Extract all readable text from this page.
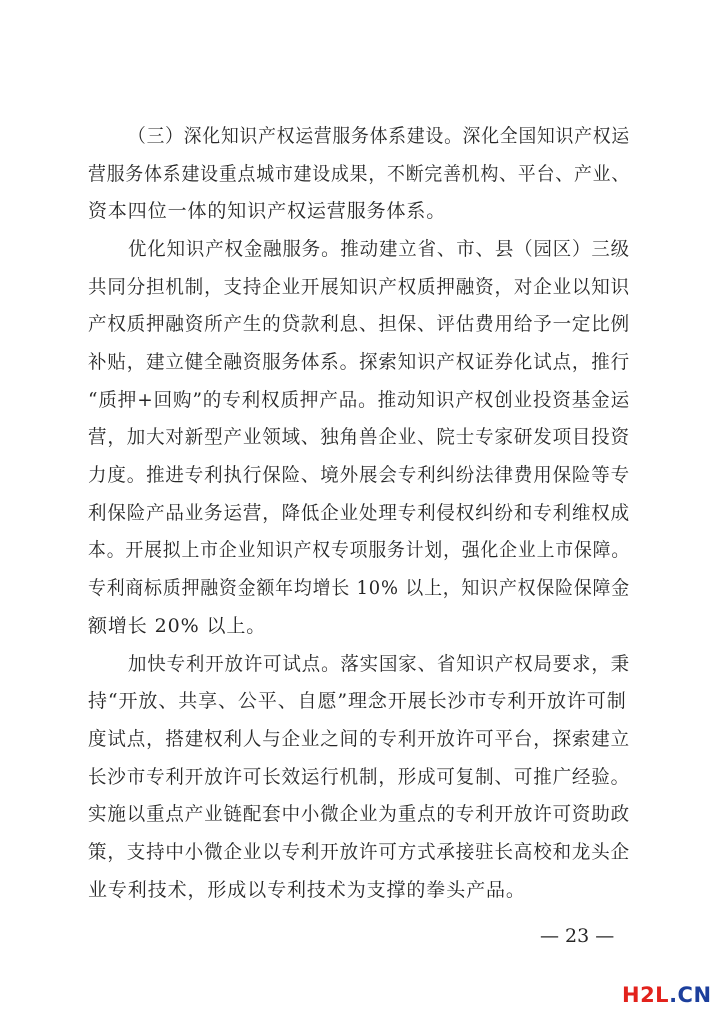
（三）深化知识产权运营服务体系建设。深化全国知识产权运
营服务体系建设重点城市建设成果，不断完善机构、平台、产业、
资本四位一体的知识产权运营服务体系。
优化知识产权金融服务。推动建立省、市、县（园区）三级
共同分担机制，支持企业开展知识产权质押融资，对企业以知识
产权质押融资所产生的贷款利息、担保、评估费用给予一定比例
补贴，建立健全融资服务体系。探索知识产权证券化试点，推行
“质押+回购”的专利权质押产品。推动知识产权创业投资基金运
营，加大对新型产业领域、独角兽企业、院士专家研发项目投资
力度。推进专利执行保险、境外展会专利纠纷法律费用保险等专
利保险产品业务运营，降低企业处理专利侵权纠纷和专利维权成
本。开展拟上市企业知识产权专项服务计划，强化企业上市保障。
专利商标质押融资金额年均增长 10% 以上，知识产权保险保障金
额增长 20% 以上。
加快专利开放许可试点。落实国家、省知识产权局要求，秉
持“开放、共享、公平、自愿”理念开展长沙市专利开放许可制
度试点，搭建权利人与企业之间的专利开放许可平台，探索建立
长沙市专利开放许可长效运行机制，形成可复制、可推广经验。
实施以重点产业链配套中小微企业为重点的专利开放许可资助政
策，支持中小微企业以专利开放许可方式承接驻长高校和龙头企
业专利技术，形成以专利技术为支撑的拳头产品。
— 23 —
H2L.CN
